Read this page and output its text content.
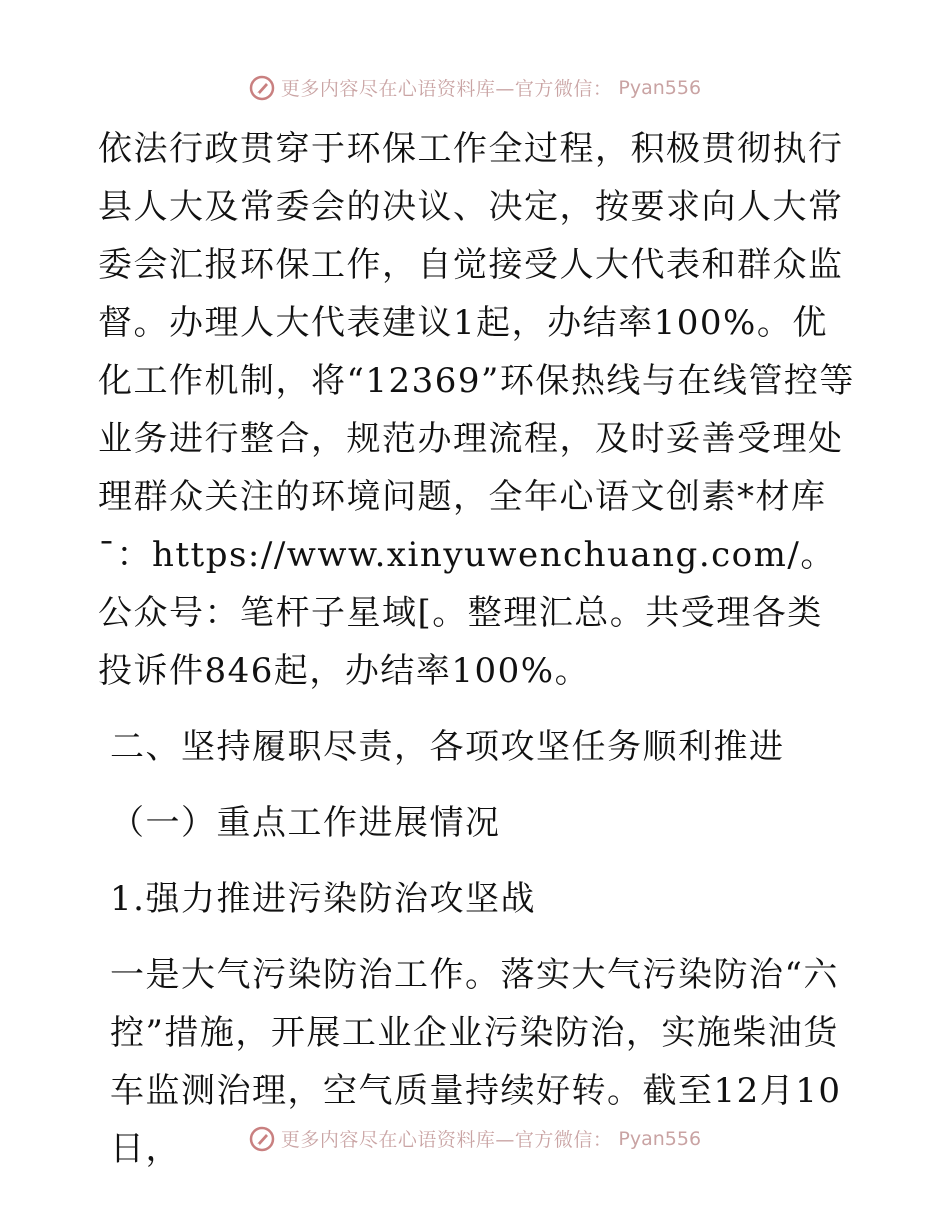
更多内容尽在心语资料库—官方微信： Pyan556

依法行政贯穿于环保工作全过程，积极贯彻执行县人大及常委会的决议、决定，按要求向人大常委会汇报环保工作，自觉接受人大代表和群众监督。办理人大代表建议1起，办结率100%。优化工作机制，将“12369”环保热线与在线管控等业务进行整合，规范办理流程，及时妥善受理处理群众关注的环境问题，全年心语文创素*材库¯：https://www.xinyuwenchuang.com/。公众号：笔杆子星域[。整理汇总。共受理各类投诉件846起，办结率100%。

二、坚持履职尽责，各项攻坚任务顺利推进

（一）重点工作进展情况

1.强力推进污染防治攻坚战

一是大气污染防治工作。落实大气污染防治“六控”措施，开展工业企业污染防治，实施柴油货车监测治理，空气质量持续好转。截至12月10日，	更多内容尽在心语资料库—官方微信： Pyan556
